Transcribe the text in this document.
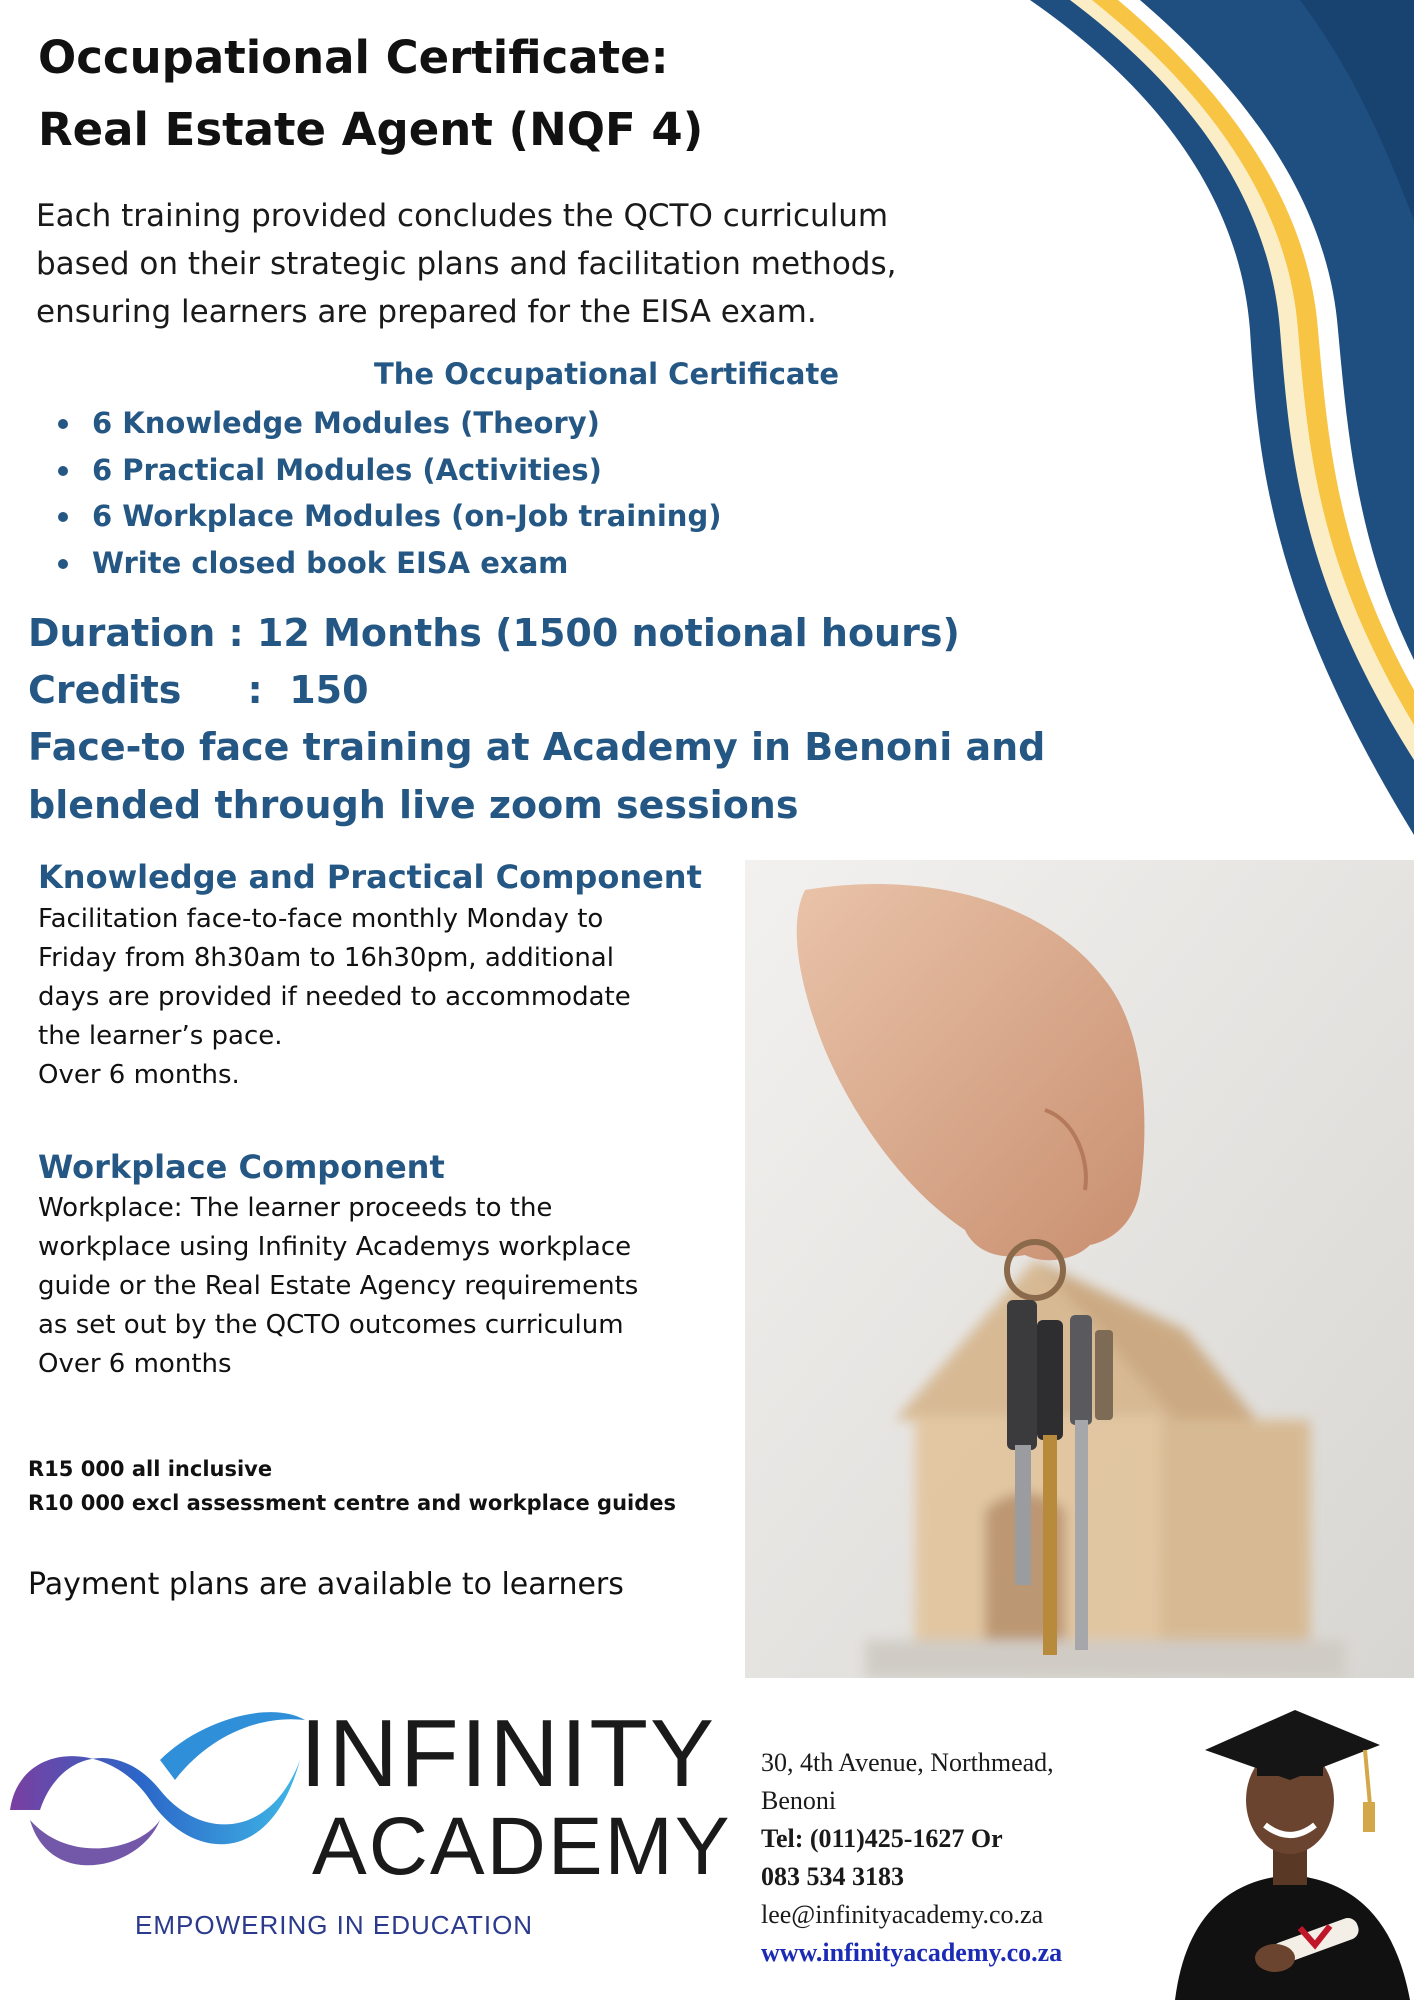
Occupational Certificate:
Real Estate Agent (NQF 4)
Each training provided concludes the QCTO curriculum
based on their strategic plans and facilitation methods,
ensuring learners are prepared for the EISA exam.
The Occupational Certificate
6 Knowledge Modules (Theory)
6 Practical Modules (Activities)
6 Workplace Modules (on-Job training)
Write closed book EISA exam
Duration : 12 Months (1500 notional hours)
Credits     :  150
Face-to face training at Academy in Benoni and
blended through live zoom sessions
Knowledge and Practical Component
Facilitation face-to-face monthly Monday to
Friday from 8h30am to 16h30pm, additional
days are provided if needed to accommodate
the learner’s pace.
Over 6 months.
Workplace Component
Workplace: The learner proceeds to the
workplace using Infinity Academys workplace
guide or the Real Estate Agency requirements
as set out by the QCTO outcomes curriculum
Over 6 months
R15 000 all inclusive
R10 000 excl assessment centre and workplace guides
Payment plans are available to learners
INFINITY
ACADEMY
EMPOWERING IN EDUCATION
30, 4th Avenue, Northmead,
Benoni
Tel: (011)425-1627 Or
083 534 3183
lee@infinityacademy.co.za
www.infinityacademy.co.za
